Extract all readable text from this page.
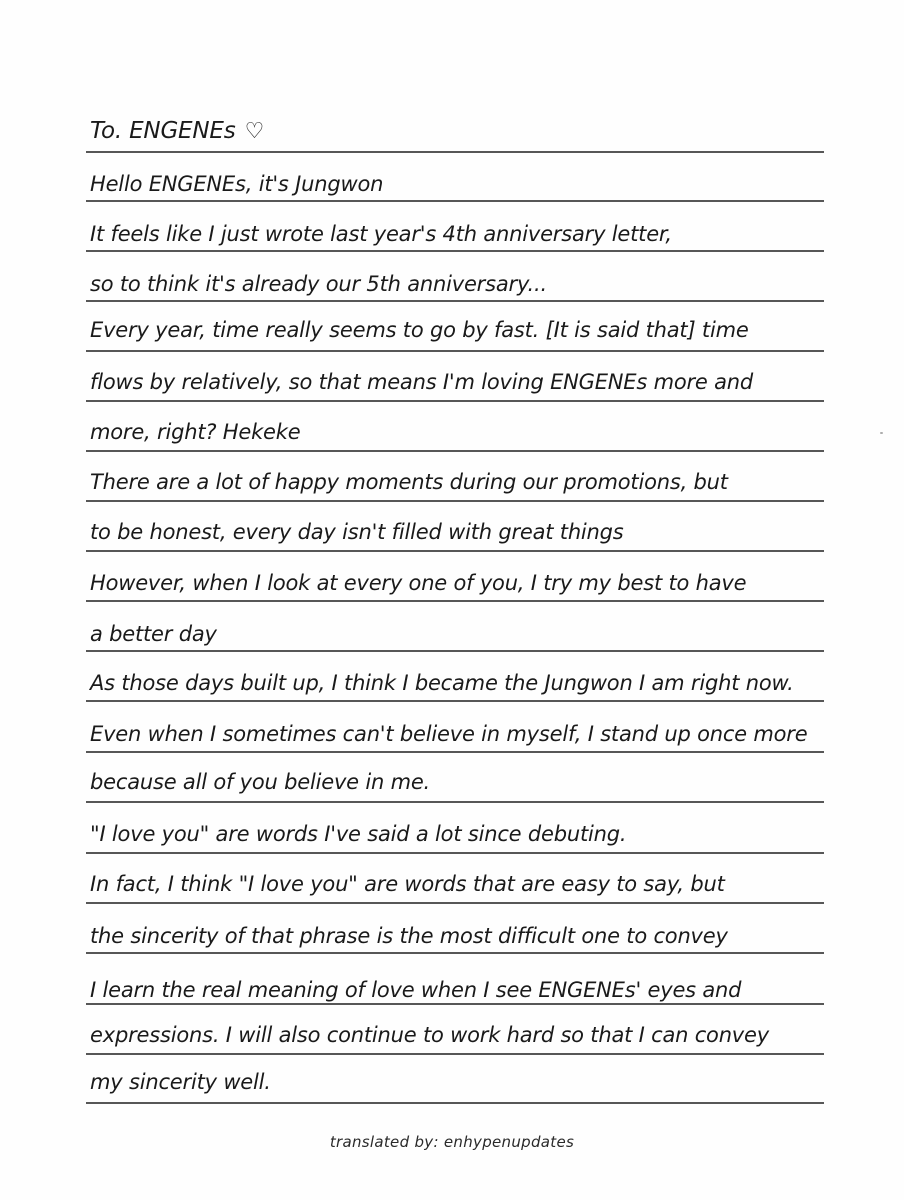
To. ENGENEs ♡
Hello ENGENEs, it's Jungwon
It feels like I just wrote last year's 4th anniversary letter,
so to think it's already our 5th anniversary...
Every year, time really seems to go by fast. [It is said that] time
flows by relatively, so that means I'm loving ENGENEs more and
more, right? Hekeke
There are a lot of happy moments during our promotions, but
to be honest, every day isn't filled with great things
However, when I look at every one of you, I try my best to have
a better day
As those days built up, I think I became the Jungwon I am right now.
Even when I sometimes can't believe in myself, I stand up once more
because all of you believe in me.
"I love you" are words I've said a lot since debuting.
In fact, I think "I love you" are words that are easy to say, but
the sincerity of that phrase is the most difficult one to convey
I learn the real meaning of love when I see ENGENEs' eyes and
expressions. I will also continue to work hard so that I can convey
my sincerity well.
translated by: enhypenupdates
